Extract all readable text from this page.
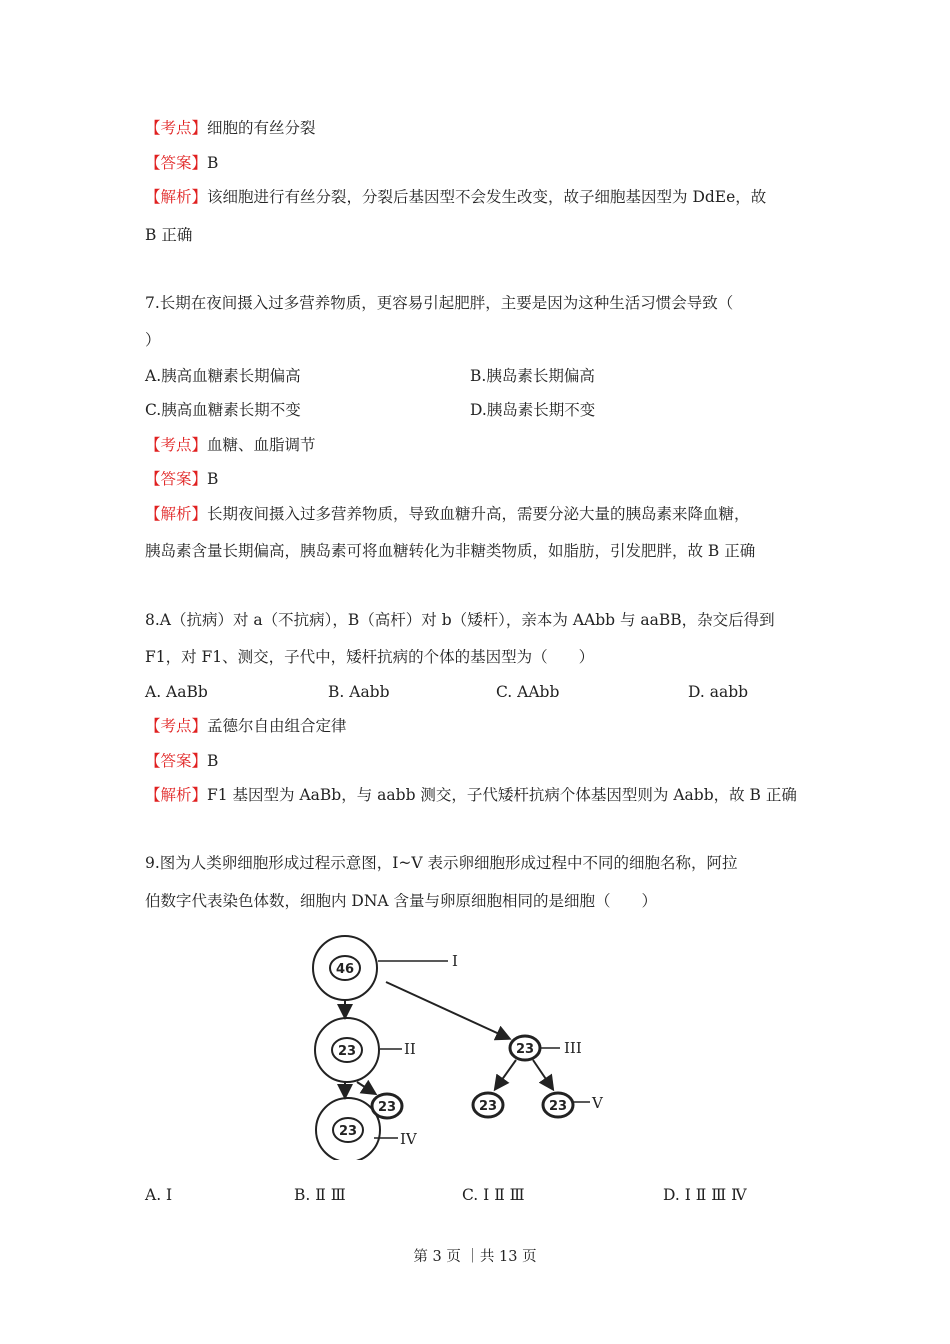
【考点】细胞的有丝分裂
【答案】B
【解析】该细胞进行有丝分裂，分裂后基因型不会发生改变，故子细胞基因型为 DdEe，故
B 正确
7.长期在夜间摄入过多营养物质，更容易引起肥胖，主要是因为这种生活习惯会导致（
）
A.胰高血糖素长期偏高	B.胰岛素长期偏高
C.胰高血糖素长期不变	D.胰岛素长期不变
【考点】血糖、血脂调节
【答案】B
【解析】长期夜间摄入过多营养物质，导致血糖升高，需要分泌大量的胰岛素来降血糖，
胰岛素含量长期偏高，胰岛素可将血糖转化为非糖类物质，如脂肪，引发肥胖，故 B 正确
8.A（抗病）对 a（不抗病），B（高杆）对 b（矮杆），亲本为 AAbb 与 aaBB，杂交后得到
F1，对 F1、测交，子代中，矮杆抗病的个体的基因型为（　　）
A. AaBb	B. Aabb	C. AAbb	D. aabb
【考点】孟德尔自由组合定律
【答案】B
【解析】F1 基因型为 AaBb，与 aabb 测交，子代矮杆抗病个体基因型则为 Aabb，故 B 正确
9.图为人类卵细胞形成过程示意图，Ⅰ~Ⅴ 表示卵细胞形成过程中不同的细胞名称，阿拉
伯数字代表染色体数，细胞内 DNA 含量与卵原细胞相同的是细胞（　　）
46
23
23
23
23
23	23
I
II	III
IV
V
A. Ⅰ	B. Ⅱ Ⅲ	C. Ⅰ Ⅱ Ⅲ	D. Ⅰ Ⅱ Ⅲ Ⅳ
第 3 页 ｜共 13 页
